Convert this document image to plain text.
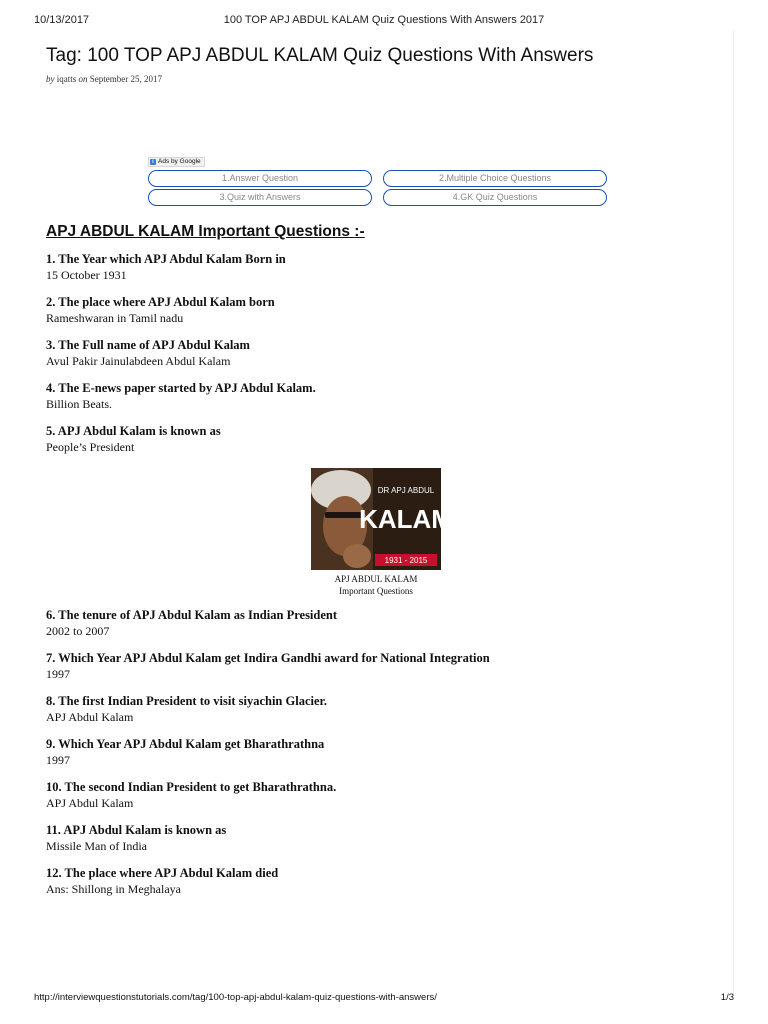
10/13/2017	100 TOP APJ ABDUL KALAM Quiz Questions With Answers 2017
Tag: 100 TOP APJ ABDUL KALAM Quiz Questions With Answers
by iqatts on September 25, 2017
i Ads by Google
1.Answer Question	2.Multiple Choice Questions
3.Quiz with Answers	4.GK Quiz Questions
APJ ABDUL KALAM Important Questions :-
1. The Year which APJ Abdul Kalam Born in
15 October 1931
2. The place where APJ Abdul Kalam born
Rameshwaran in Tamil nadu
3. The Full name of APJ Abdul Kalam
Avul Pakir Jainulabdeen Abdul Kalam
4. The E-news paper started by APJ Abdul Kalam.
Billion Beats.
5. APJ Abdul Kalam is known as
People’s President
DR APJ ABDUL
KALAM
1931 - 2015
APJ ABDUL KALAM
Important Questions
6. The tenure of APJ Abdul Kalam as Indian President
2002 to 2007
7. Which Year APJ Abdul Kalam get Indira Gandhi award for National Integration
1997
8. The first Indian President to visit siyachin Glacier.
APJ Abdul Kalam
9. Which Year APJ Abdul Kalam get Bharathrathna
1997
10. The second Indian President to get Bharathrathna.
APJ Abdul Kalam
11. APJ Abdul Kalam is known as
Missile Man of India
12. The place where APJ Abdul Kalam died
Ans: Shillong in Meghalaya
http://interviewquestionstutorials.com/tag/100-top-apj-abdul-kalam-quiz-questions-with-answers/	1/3
